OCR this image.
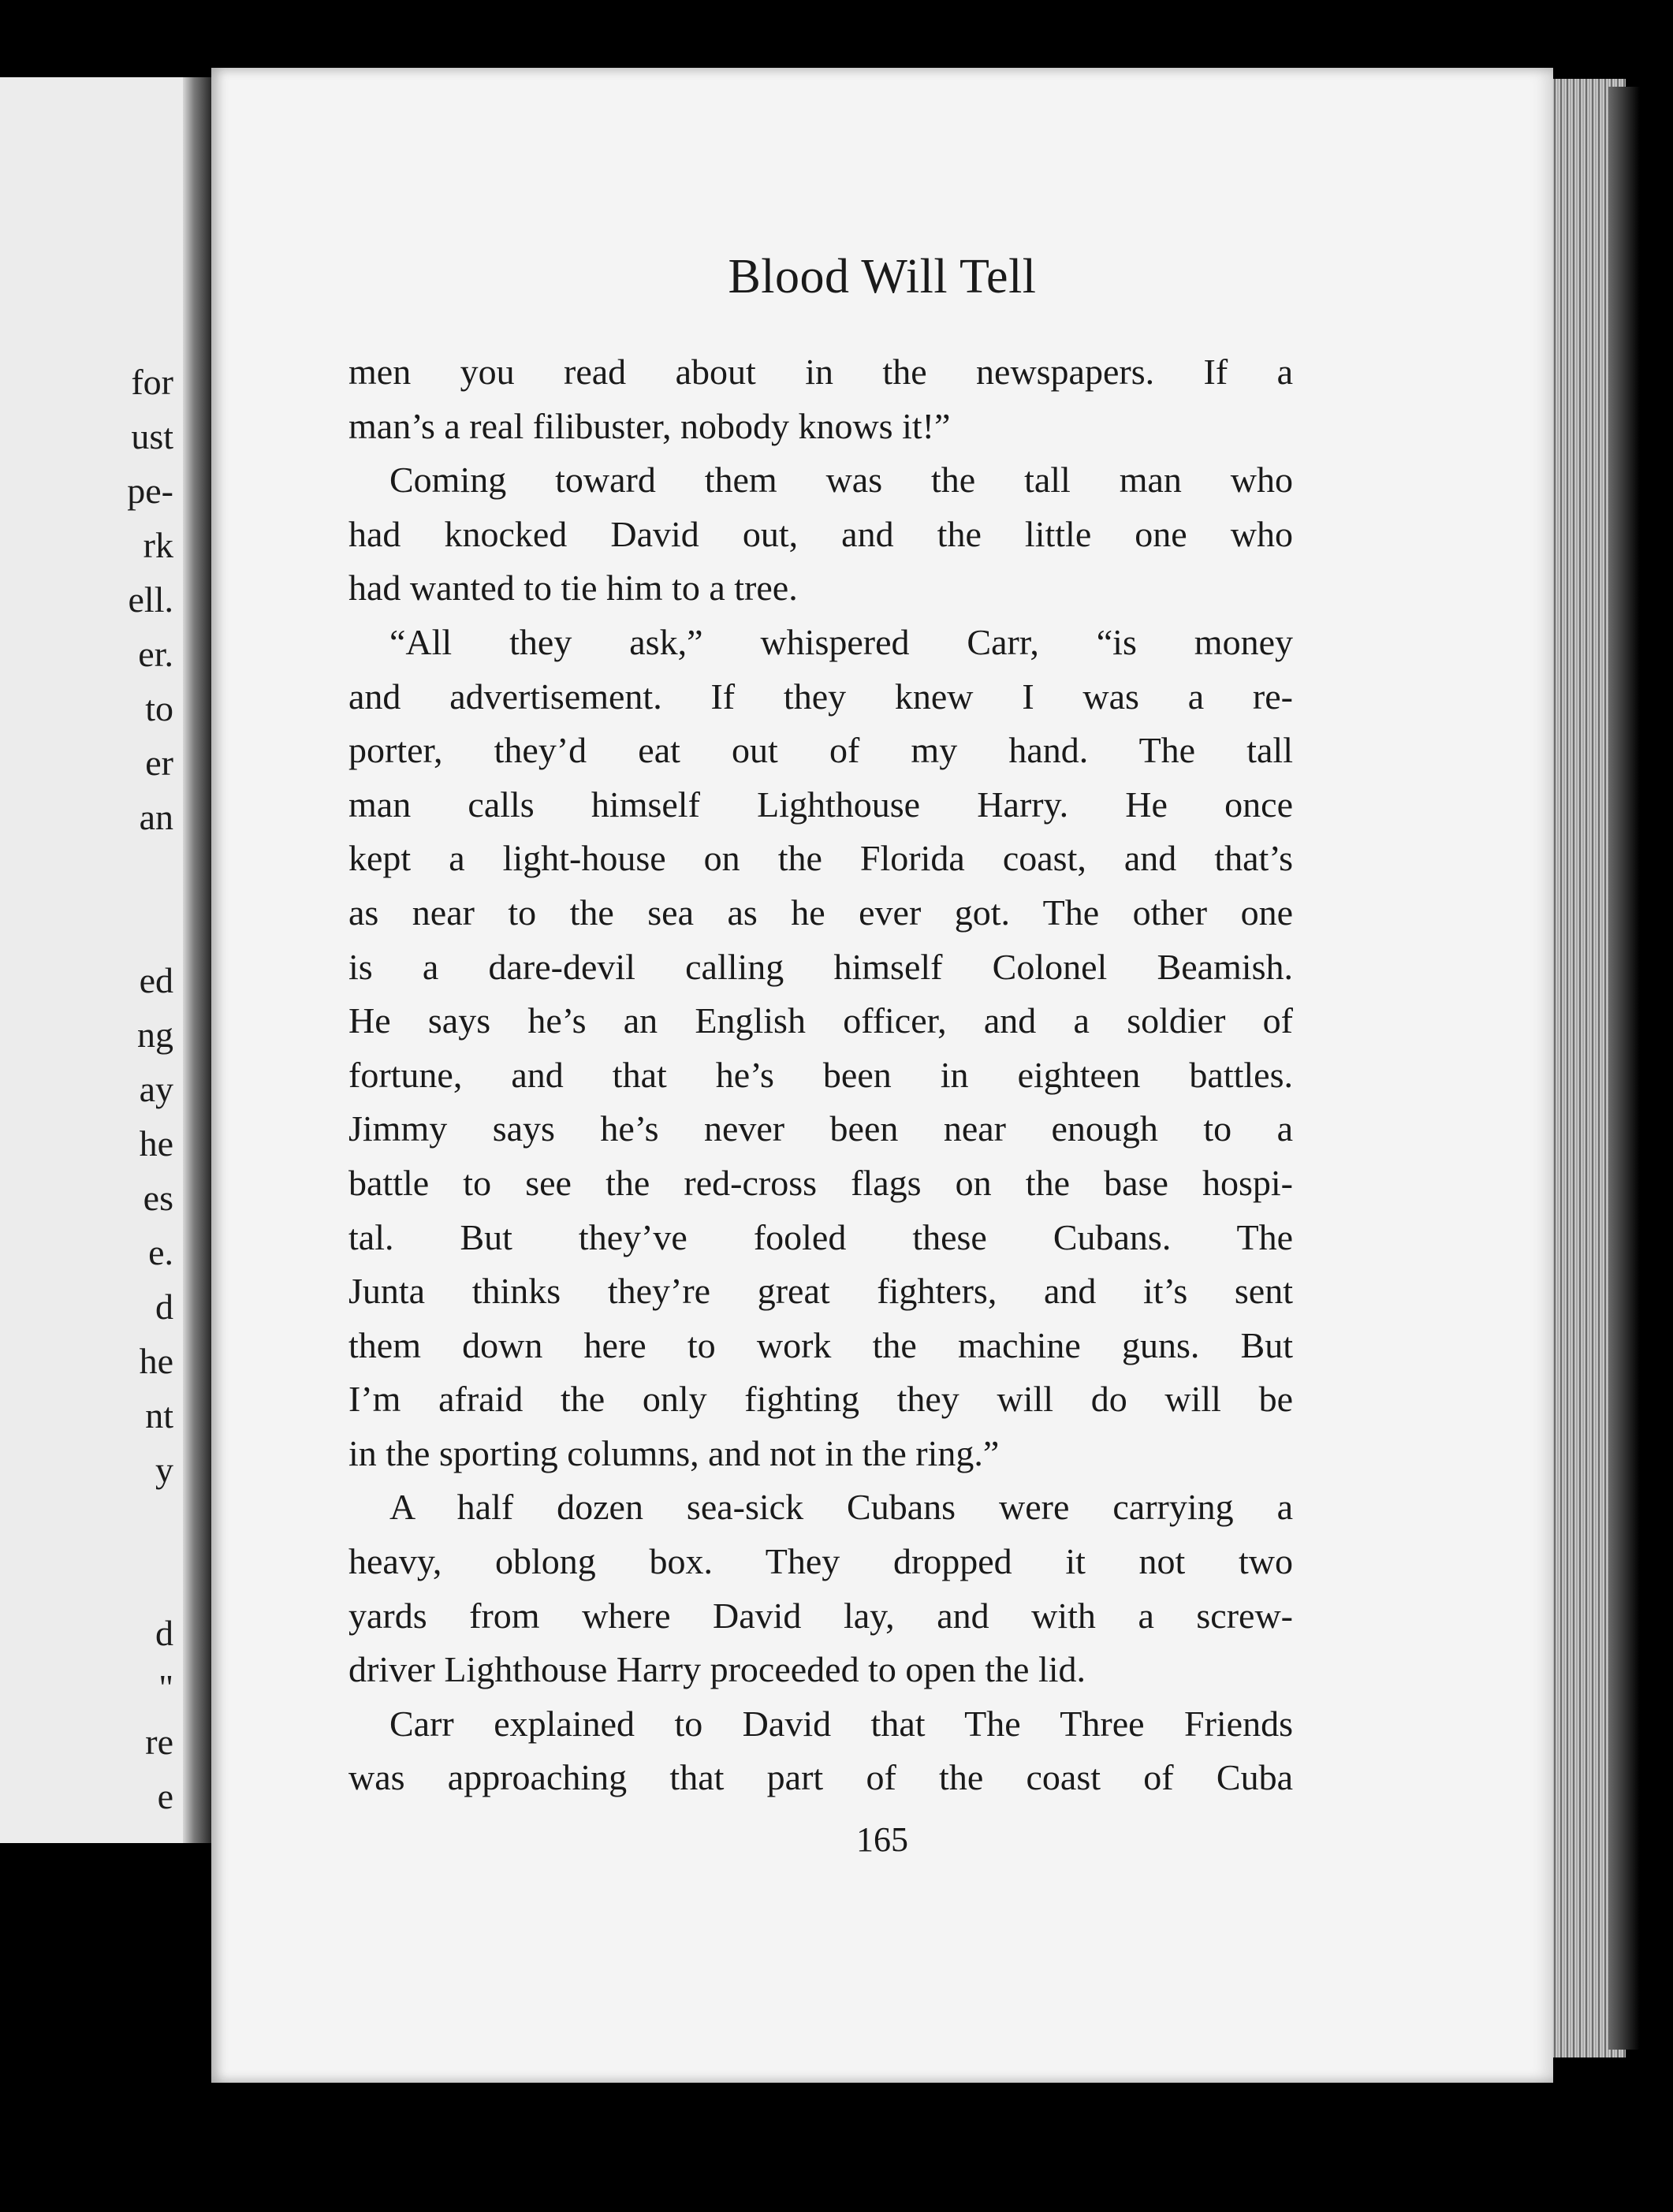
for
ust
pe-
rk
ell.
er.
to
er
an
ed
ng
ay
he
es
e.
d
he
nt
y
d
"
re
e
Blood Will Tell
men you read about in the newspapers. If a
man’s a real filibuster, nobody knows it!”
Coming toward them was the tall man who
had knocked David out, and the little one who
had wanted to tie him to a tree.
“All they ask,” whispered Carr, “is money
and advertisement. If they knew I was a re-
porter, they’d eat out of my hand. The tall
man calls himself Lighthouse Harry. He once
kept a light-house on the Florida coast, and that’s
as near to the sea as he ever got. The other one
is a dare-devil calling himself Colonel Beamish.
He says he’s an English officer, and a soldier of
fortune, and that he’s been in eighteen battles.
Jimmy says he’s never been near enough to a
battle to see the red-cross flags on the base hospi-
tal. But they’ve fooled these Cubans. The
Junta thinks they’re great fighters, and it’s sent
them down here to work the machine guns. But
I’m afraid the only fighting they will do will be
in the sporting columns, and not in the ring.”
A half dozen sea-sick Cubans were carrying a
heavy, oblong box. They dropped it not two
yards from where David lay, and with a screw-
driver Lighthouse Harry proceeded to open the lid.
Carr explained to David that The Three Friends
was approaching that part of the coast of Cuba

165
